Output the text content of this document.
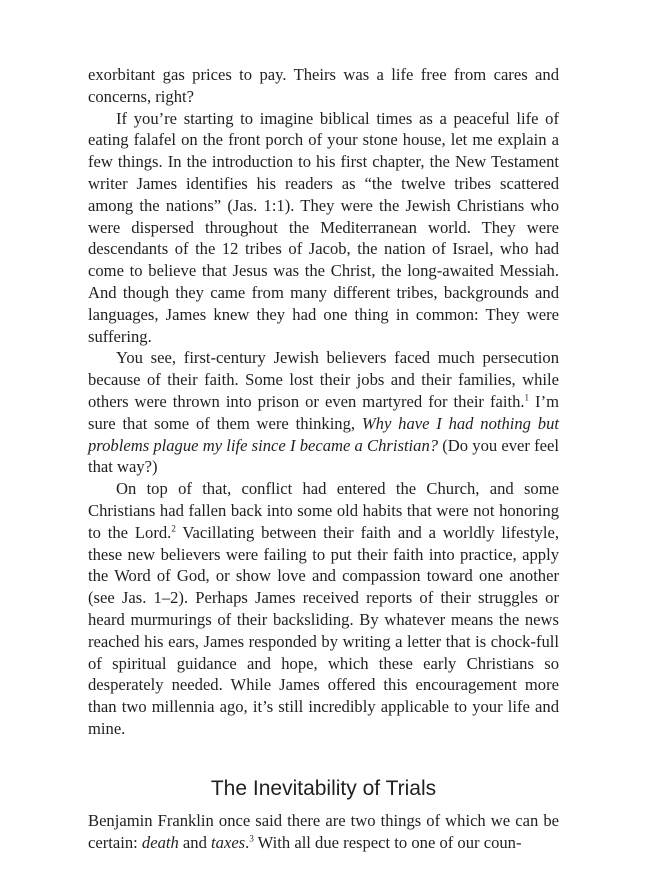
exorbitant gas prices to pay. Theirs was a life free from cares and concerns, right?

If you’re starting to imagine biblical times as a peaceful life of eating falafel on the front porch of your stone house, let me explain a few things. In the introduction to his first chapter, the New Testament writer James identifies his readers as “the twelve tribes scattered among the nations” (Jas. 1:1). They were the Jewish Christians who were dispersed throughout the Mediterranean world. They were descendants of the 12 tribes of Jacob, the nation of Israel, who had come to believe that Jesus was the Christ, the long-awaited Messiah. And though they came from many different tribes, backgrounds and languages, James knew they had one thing in common: They were suffering.

You see, first-century Jewish believers faced much persecution because of their faith. Some lost their jobs and their families, while others were thrown into prison or even martyred for their faith.$^1$ I’m sure that some of them were thinking, Why have I had nothing but problems plague my life since I became a Christian? (Do you ever feel that way?)

On top of that, conflict had entered the Church, and some Christians had fallen back into some old habits that were not honoring to the Lord.$^2$ Vacillating between their faith and a worldly lifestyle, these new believers were failing to put their faith into practice, apply the Word of God, or show love and compassion toward one another (see Jas. 1–2). Perhaps James received reports of their struggles or heard murmurings of their backsliding. By whatever means the news reached his ears, James responded by writing a letter that is chock-full of spiritual guidance and hope, which these early Christians so desperately needed. While James offered this encouragement more than two millennia ago, it’s still incredibly applicable to your life and mine.

The Inevitability of Trials

Benjamin Franklin once said there are two things of which we can be certain: death and taxes.$^3$ With all due respect to one of our coun-
